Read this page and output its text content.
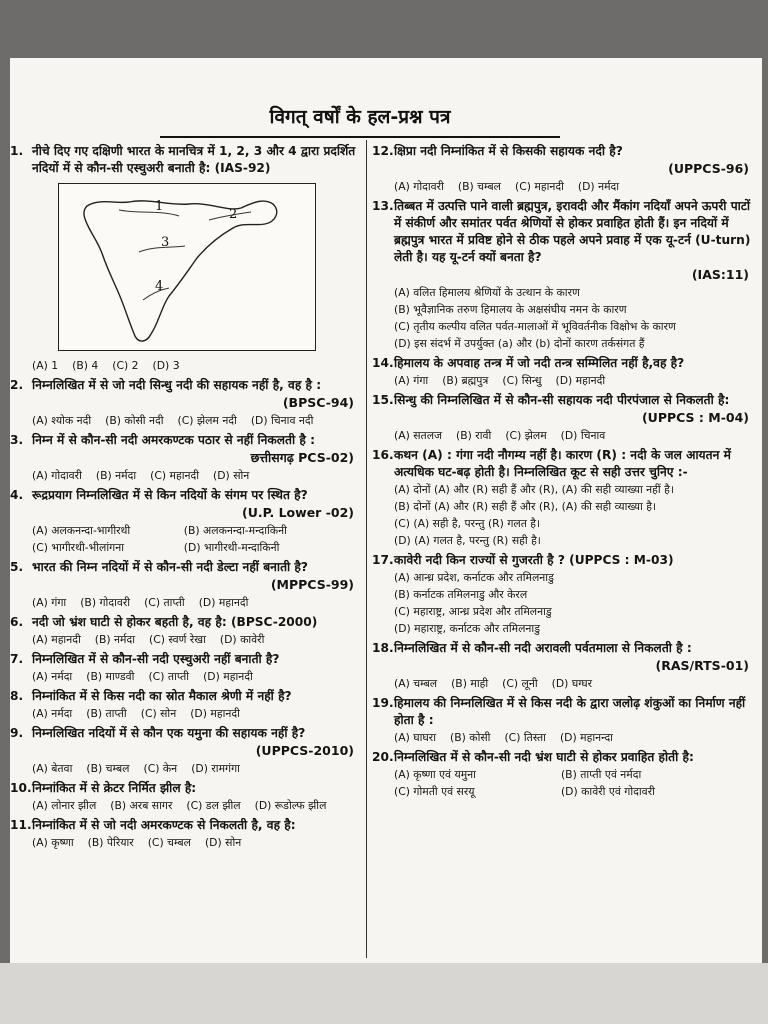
विगत् वर्षों के हल-प्रश्न पत्र
1. नीचे दिए गए दक्षिणी भारत के मानचित्र में 1, 2, 3 और 4 द्वारा प्रदर्शित नदियों में से कौन-सी एस्चुअरी बनाती है: (IAS-92)
1
2
3
4
(A) 1 (B) 4 (C) 2 (D) 3
2. निम्नलिखित में से जो नदी सिन्धु नदी की सहायक नहीं है, वह है :
(BPSC-94)
(A) श्योक नदी (B) कोसी नदी (C) झेलम नदी (D) चिनाव नदी
3. निम्न में से कौन-सी नदी अमरकण्टक पठार से नहीं निकलती है :
छत्तीसगढ़ PCS-02)
(A) गोदावरी (B) नर्मदा (C) महानदी (D) सोन
4. रूद्रप्रयाग निम्नलिखित में से किन नदियों के संगम पर स्थित है?
(U.P. Lower -02)
(A) अलकनन्दा-भागीरथी	(B) अलकनन्दा-मन्दाकिनी
(C) भागीरथी-भीलांगना	(D) भागीरथी-मन्दाकिनी
5. भारत की निम्न नदियों में से कौन-सी नदी डेल्टा नहीं बनाती है?
(MPPCS-99)
(A) गंगा (B) गोदावरी (C) ताप्ती (D) महानदी
6. नदी जो भ्रंश घाटी से होकर बहती है, वह है: (BPSC-2000)
(A) महानदी (B) नर्मदा (C) स्वर्ण रेखा (D) कावेरी
7. निम्नलिखित में से कौन-सी नदी एस्चुअरी नहीं बनाती है?
(A) नर्मदा (B) माण्डवी (C) ताप्ती (D) महानदी
8. निम्नांकित में से किस नदी का स्रोत मैकाल श्रेणी में नहीं है?
(A) नर्मदा (B) ताप्ती (C) सोन (D) महानदी
9. निम्नलिखित नदियों में से कौन एक यमुना की सहायक नहीं है?
(UPPCS-2010)
(A) बेतवा (B) चम्बल (C) केन (D) रामगंगा
10. निम्नांकित में से क्रेटर निर्मित झील है:
(A) लोनार झील (B) अरब सागर (C) डल झील (D) रूडोल्फ झील
11. निम्नांकित में से जो नदी अमरकण्टक से निकलती है, वह है:
(A) कृष्णा (B) पेरियार (C) चम्बल (D) सोन
12. क्षिप्रा नदी निम्नांकित में से किसकी सहायक नदी है?
(UPPCS-96)
(A) गोदावरी (B) चम्बल (C) महानदी (D) नर्मदा
13. तिब्बत में उत्पत्ति पाने वाली ब्रह्मपुत्र, इरावदी और मैंकांग नदियाँ अपने ऊपरी पाटों में संकीर्ण और समांतर पर्वत श्रेणियों से होकर प्रवाहित होती हैं। इन नदियों में ब्रह्मपुत्र भारत में प्रविष्ट होने से ठीक पहले अपने प्रवाह में एक यू-टर्न (U-turn) लेती है। यह यू-टर्न क्यों बनता है?
(IAS:11)
(A) वलित हिमालय श्रेणियों के उत्थान के कारण
(B) भूवैज्ञानिक तरुण हिमालय के अक्षसंघीय नमन के कारण
(C) तृतीय कल्पीय वलित पर्वत-मालाओं में भूविवर्तनीक विक्षोभ के कारण
(D) इस संदर्भ में उपर्युक्त (a) और (b) दोनों कारण तर्कसंगत हैं
14. हिमालय के अपवाह तन्त्र में जो नदी तन्त्र सम्मिलित नहीं है,वह है?
(A) गंगा (B) ब्रह्मपुत्र (C) सिन्धु (D) महानदी
15. सिन्धु की निम्नलिखित में से कौन-सी सहायक नदी पीरपंजाल से निकलती है:
(UPPCS : M-04)
(A) सतलज (B) रावी (C) झेलम (D) चिनाव
16. कथन (A) : गंगा नदी नौगम्य नहीं है। कारण (R) : नदी के जल आयतन में अत्यधिक घट-बढ़ होती है। निम्नलिखित कूट से सही उत्तर चुनिए :-
(A) दोनों (A) और (R) सही हैं और (R), (A) की सही व्याख्या नहीं है।
(B) दोनों (A) और (R) सही हैं और (R), (A) की सही व्याख्या है।
(C) (A) सही है, परन्तु (R) गलत है।
(D) (A) गलत है, परन्तु (R) सही है।
17. कावेरी नदी किन राज्यों से गुजरती है ? (UPPCS : M-03)
(A) आन्ध्र प्रदेश, कर्नाटक और तमिलनाडु
(B) कर्नाटक तमिलनाडु और केरल
(C) महाराष्ट्र, आन्ध्र प्रदेश और तमिलनाडु
(D) महाराष्ट्र, कर्नाटक और तमिलनाडु
18. निम्नलिखित में से कौन-सी नदी अरावली पर्वतमाला से निकलती है :
(RAS/RTS-01)
(A) चम्बल (B) माही (C) लूनी (D) घग्घर
19. हिमालय की निम्नलिखित में से किस नदी के द्वारा जलोढ़ शंकुओं का निर्माण नहीं होता है :
(A) घाघरा (B) कोसी (C) तिस्ता (D) महानन्दा
20. निम्नलिखित में से कौन-सी नदी भ्रंश घाटी से होकर प्रवाहित होती है:
(A) कृष्णा एवं यमुना	(B) ताप्ती एवं नर्मदा
(C) गोमती एवं सरयू	(D) कावेरी एवं गोदावरी
